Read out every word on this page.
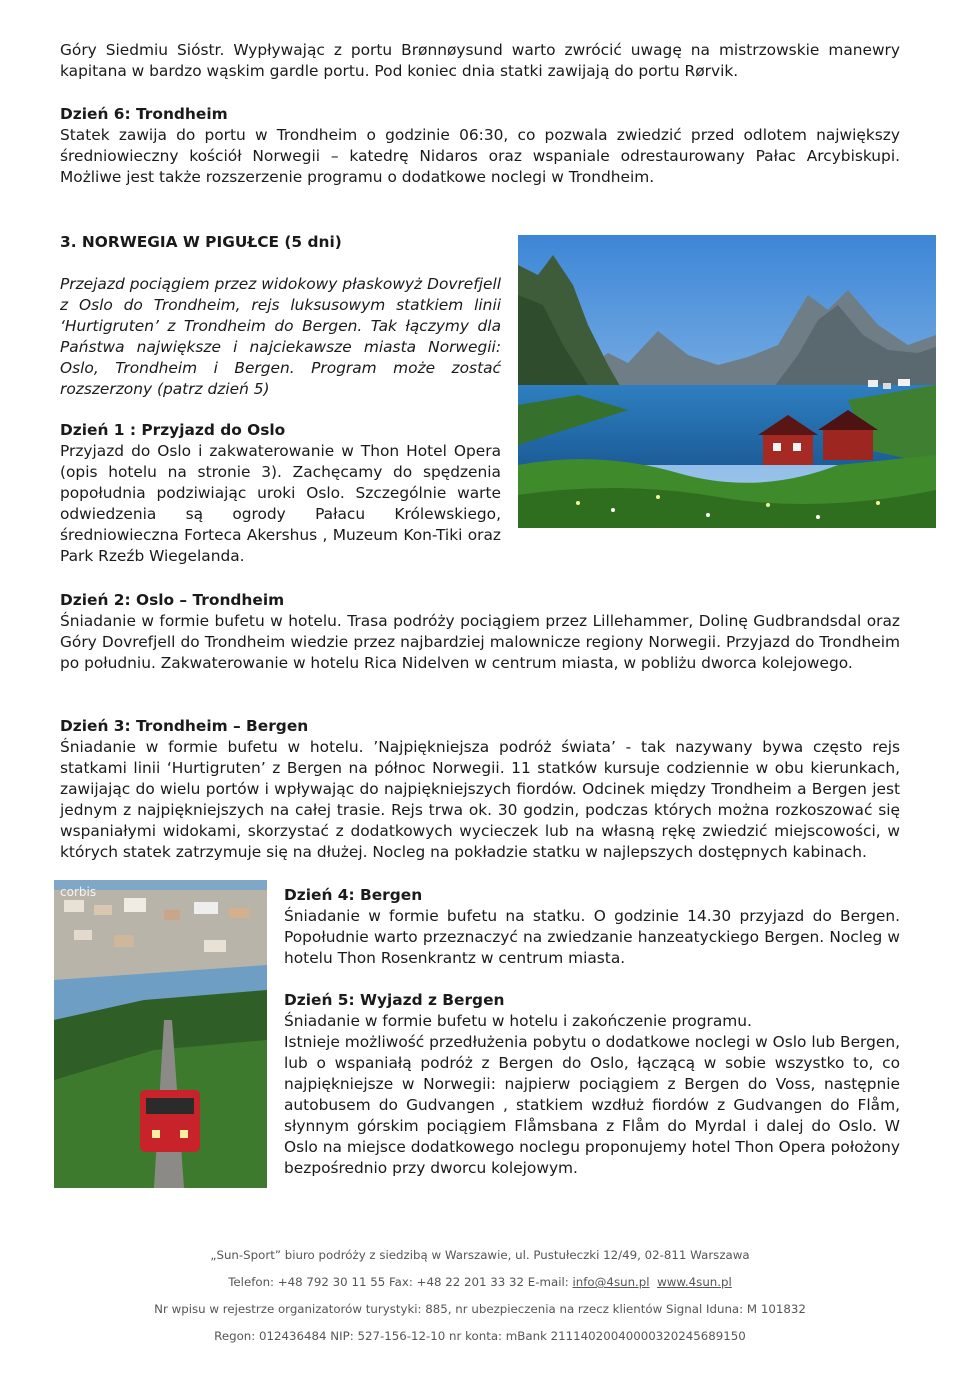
Góry Siedmiu Sióstr. Wypływając z portu Brønnøysund warto zwrócić uwagę na mistrzowskie manewry kapitana w bardzo wąskim gardle portu. Pod koniec dnia statki zawijają do portu Rørvik.

Dzień 6: Trondheim

Statek zawija do portu w Trondheim o godzinie 06:30, co pozwala zwiedzić przed odlotem największy średniowieczny kościół Norwegii – katedrę Nidaros oraz wspaniale odrestaurowany Pałac Arcybiskupi. Możliwe jest także rozszerzenie programu o dodatkowe noclegi w Trondheim.

3. NORWEGIA W PIGUŁCE (5 dni)

Przejazd pociągiem przez widokowy płaskowyż Dovrefjell z Oslo do Trondheim, rejs luksusowym statkiem linii ‘Hurtigruten’ z Trondheim do Bergen. Tak łączymy dla Państwa największe i najciekawsze miasta Norwegii: Oslo, Trondheim i Bergen. Program może zostać rozszerzony (patrz dzień 5)

Dzień 1 : Przyjazd do Oslo

Przyjazd do Oslo i zakwaterowanie w Thon Hotel Opera (opis hotelu na stronie 3). Zachęcamy do spędzenia popołudnia podziwiając uroki Oslo. Szczególnie warte odwiedzenia są ogrody Pałacu Królewskiego, średniowieczna Forteca Akershus , Muzeum Kon-Tiki oraz Park Rzeźb Wiegelanda.

Dzień 2: Oslo – Trondheim

Śniadanie w formie bufetu w hotelu. Trasa podróży pociągiem przez Lillehammer, Dolinę Gudbrandsdal oraz Góry Dovrefjell do Trondheim wiedzie przez najbardziej malownicze regiony Norwegii. Przyjazd do Trondheim po południu. Zakwaterowanie w hotelu Rica Nidelven w centrum miasta, w pobliżu dworca kolejowego.

Dzień 3: Trondheim – Bergen

Śniadanie w formie bufetu w hotelu. ’Najpiękniejsza podróż świata’ - tak nazywany bywa często rejs statkami linii ‘Hurtigruten’ z Bergen na północ Norwegii. 11 statków kursuje codziennie w obu kierunkach, zawijając do wielu portów i wpływając do najpiękniejszych fiordów. Odcinek między Trondheim a Bergen jest jednym z najpiękniejszych na całej trasie. Rejs trwa ok. 30 godzin, podczas których można rozkoszować się wspaniałymi widokami, skorzystać z dodatkowych wycieczek lub na własną rękę zwiedzić miejscowości, w których statek zatrzymuje się na dłużej. Nocleg na pokładzie statku w najlepszych dostępnych kabinach.

Dzień 4: Bergen

Śniadanie w formie bufetu na statku. O godzinie 14.30 przyjazd do Bergen. Popołudnie warto przeznaczyć na zwiedzanie hanzeatyckiego Bergen. Nocleg w hotelu Thon Rosenkrantz w centrum miasta.

Dzień 5: Wyjazd z Bergen

Śniadanie w formie bufetu w hotelu i zakończenie programu.

Istnieje możliwość przedłużenia pobytu o dodatkowe noclegi w Oslo lub Bergen, lub o wspaniałą podróż z Bergen do Oslo, łączącą w sobie wszystko to, co najpiękniejsze w Norwegii: najpierw pociągiem z Bergen do Voss, następnie autobusem do Gudvangen , statkiem wzdłuż fiordów z Gudvangen do Flåm, słynnym górskim pociągiem Flåmsbana z Flåm do Myrdal i dalej do Oslo. W Oslo na miejsce dodatkowego noclegu proponujemy hotel Thon Opera położony bezpośrednio przy dworcu kolejowym.

corbis

„Sun-Sport” biuro podróży z siedzibą w Warszawie, ul. Pustułeczki 12/49, 02-811 Warszawa

Telefon: +48 792 30 11 55 Fax: +48 22 201 33 32 E-mail: info@4sun.pl www.4sun.pl

Nr wpisu w rejestrze organizatorów turystyki: 885, nr ubezpieczenia na rzecz klientów Signal Iduna: M 101832

Regon: 012436484 NIP: 527-156-12-10 nr konta: mBank 21114020040000320245689150
